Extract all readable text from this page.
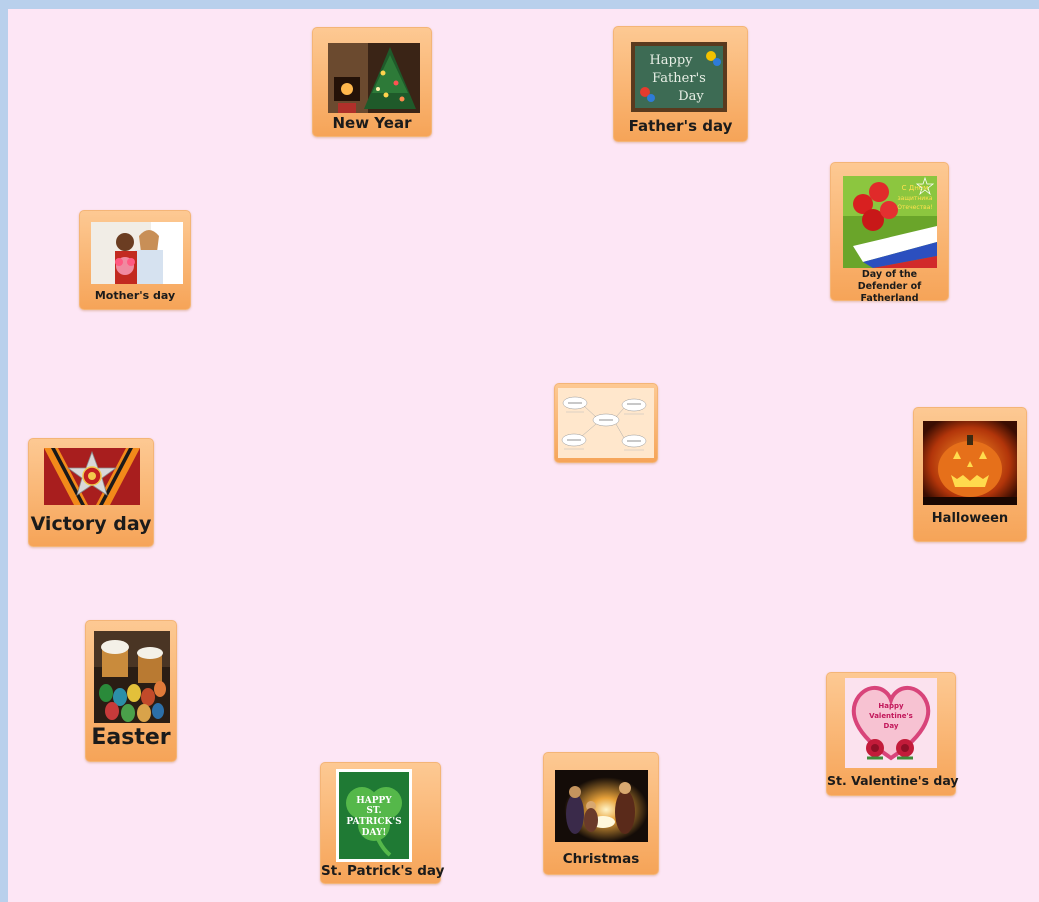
New Year
Happy
Father's
Day
Father's day
С Днём
защитника
Отечества!
Day of the Defender of Fatherland
Mother's day
Halloween
Victory day
Easter
Happy
Valentine's
Day
St. Valentine's day
Christmas
HAPPY
ST.
PATRICK'S
DAY!
St. Patrick's day
